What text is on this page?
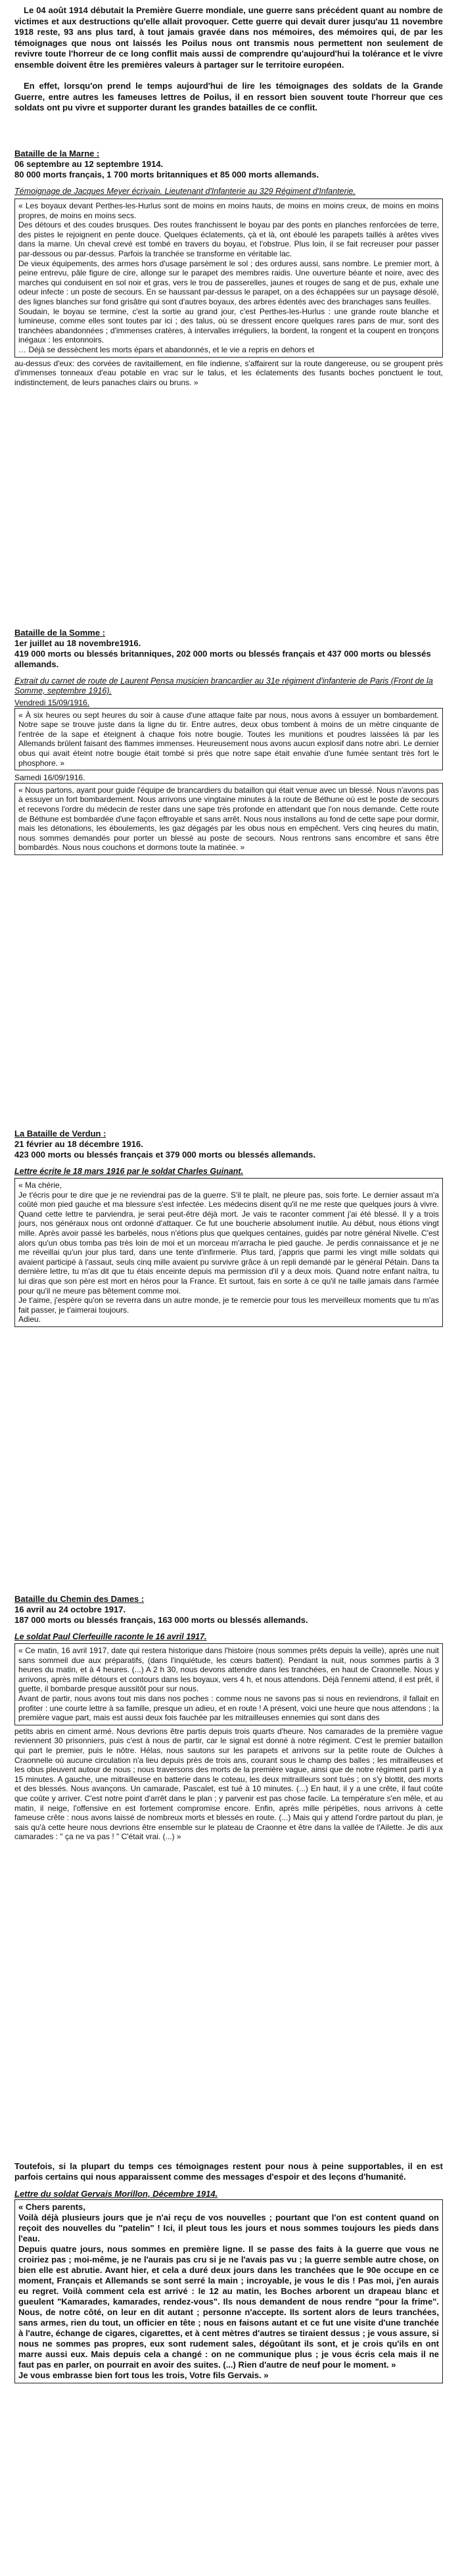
Le 04 août 1914 débutait la Première Guerre mondiale, une guerre sans précédent quant au nombre de victimes et aux destructions qu'elle allait provoquer. Cette guerre qui devait durer jusqu'au 11 novembre 1918 reste, 93 ans plus tard, à tout jamais gravée dans nos mémoires, des mémoires qui, de par les témoignages que nous ont laissés les Poilus nous ont transmis nous permettent non seulement de revivre toute l'horreur de ce long conflit mais aussi de comprendre qu'aujourd'hui la tolérance et le vivre ensemble doivent être les premières valeurs à partager sur le territoire européen.

En effet, lorsqu'on prend le temps aujourd'hui de lire les témoignages des soldats de la Grande Guerre, entre autres les fameuses lettres de Poilus, il en ressort bien souvent toute l'horreur que ces soldats ont pu vivre et supporter durant les grandes batailles de ce conflit.

Bataille de la Marne :

06 septembre au 12 septembre 1914.

80 000 morts français, 1 700 morts britanniques et 85 000 morts allemands.

Témoignage de Jacques Meyer écrivain. Lieutenant d'Infanterie au 329 Régiment d'Infanterie.

« Les boyaux devant Perthes-les-Hurlus sont de moins en moins hauts, de moins en moins creux, de moins en moins propres, de moins en moins secs.

Des détours et des coudes brusques. Des routes franchissent le boyau par des ponts en planches renforcées de terre, des pistes le rejoignent en pente douce. Quelques éclatements, çà et là, ont éboulé les parapets taillés à arêtes vives dans la marne. Un cheval crevé est tombé en travers du boyau, et l'obstrue. Plus loin, il se fait recreuser pour passer par-dessous ou par-dessus. Parfois la tranchée se transforme en véritable lac.

De vieux équipements, des armes hors d'usage parsèment le sol ; des ordures aussi, sans nombre. Le premier mort, à peine entrevu, pâle figure de cire, allonge sur le parapet des membres raidis. Une ouverture béante et noire, avec des marches qui conduisent en sol noir et gras, vers le trou de passerelles, jaunes et rouges de sang et de pus, exhale une odeur infecte : un poste de secours. En se haussant par-dessus le parapet, on a des échappées sur un paysage désolé, des lignes blanches sur fond grisâtre qui sont d'autres boyaux, des arbres édentés avec des branchages sans feuilles.

Soudain, le boyau se termine, c'est la sortie au grand jour, c'est Perthes-les-Hurlus : une grande route blanche et lumineuse, comme elles sont toutes par ici ; des talus, où se dressent encore quelques rares pans de mur, sont des tranchées abandonnées ; d'immenses cratères, à intervalles irréguliers, la bordent, la rongent et la coupent en tronçons inégaux : les entonnoirs.

… Déjà se dessèchent les morts épars et abandonnés, et le vie a repris en dehors et

au-dessus d'eux: des corvées de ravitaillement, en file indienne, s'affairent sur la route dangereuse, ou se groupent près d'immenses tonneaux d'eau potable en vrac sur le talus, et les éclatements des fusants boches ponctuent le tout, indistinctement, de leurs panaches clairs ou bruns. »

Bataille de la Somme :

1er juillet au 18 novembre1916.

419 000 morts ou blessés britanniques, 202 000 morts ou blessés français et 437 000 morts ou blessés allemands.

Extrait du carnet de route de Laurent Pensa musicien brancardier au 31e régiment d'infanterie de Paris (Front de la Somme, septembre 1916).

Vendredi 15/09/1916.

« À six heures ou sept heures du soir à cause d'une attaque faite par nous, nous avons à essuyer un bombardement. Notre sape se trouve juste dans la ligne du tir. Entre autres, deux obus tombent à moins de un mètre cinquante de l'entrée de la sape et éteignent à chaque fois notre bougie. Toutes les munitions et poudres laissées là par les Allemands brûlent faisant des flammes immenses. Heureusement nous avons aucun explosif dans notre abri. Le dernier obus qui avait éteint notre bougie était tombé si près que notre sape était envahie d'une fumée sentant très fort le phosphore. »

Samedi 16/09/1916.

« Nous partons, ayant pour guide l'équipe de brancardiers du bataillon qui était venue avec un blessé. Nous n'avons pas à essuyer un fort bombardement. Nous arrivons une vingtaine minutes à la route de Béthune où est le poste de secours et recevons l'ordre du médecin de rester dans une sape très profonde en attendant que l'on nous demande. Cette route de Béthune est bombardée d'une façon effroyable et sans arrêt. Nous nous installons au fond de cette sape pour dormir, mais les détonations, les éboulements, les gaz dégagés par les obus nous en empêchent. Vers cinq heures du matin, nous sommes demandés pour porter un blessé au poste de secours. Nous rentrons sans encombre et sans être bombardés. Nous nous couchons et dormons toute la matinée. »

La Bataille de Verdun :

21 février au 18 décembre 1916.

423 000 morts ou blessés français et 379 000 morts ou blessés allemands.

Lettre écrite le 18 mars 1916 par le soldat Charles Guinant.

« Ma chérie,

Je t'écris pour te dire que je ne reviendrai pas de la guerre. S'il te plaît, ne pleure pas, sois forte. Le dernier assaut m'a coûté mon pied gauche et ma blessure s'est infectée. Les médecins disent qu'il ne me reste que quelques jours à vivre. Quand cette lettre te parviendra, je serai peut-être déjà mort. Je vais te raconter comment j'ai été blessé. Il y a trois jours, nos généraux nous ont ordonné d'attaquer. Ce fut une boucherie absolument inutile. Au début, nous étions vingt mille. Après avoir passé les barbelés, nous n'étions plus que quelques centaines, guidés par notre général Nivelle. C'est alors qu'un obus tomba pas très loin de moi et un morceau m'arracha le pied gauche. Je perdis connaissance et je ne me réveillai qu'un jour plus tard, dans une tente d'infirmerie. Plus tard, j'appris que parmi les vingt mille soldats qui avaient participé à l'assaut, seuls cinq mille avaient pu survivre grâce à un repli demandé par le général Pétain. Dans ta dernière lettre, tu m'as dit que tu étais enceinte depuis ma permission d'il y a deux mois. Quand notre enfant naîtra, tu lui diras que son père est mort en héros pour la France. Et surtout, fais en sorte à ce qu'il ne taille jamais dans l'armée pour qu'il ne meure pas bêtement comme moi.

Je t'aime, j'espère qu'on se reverra dans un autre monde, je te remercie pour tous les merveilleux moments que tu m'as fait passer, je t'aimerai toujours.

Adieu.

Bataille du Chemin des Dames :

16 avril au 24 octobre 1917.

187 000 morts ou blessés français, 163 000 morts ou blessés allemands.

Le soldat Paul Clerfeuille raconte le 16 avril 1917.

« Ce matin, 16 avril 1917, date qui restera historique dans l'histoire (nous sommes prêts depuis la veille), après une nuit sans sommeil due aux préparatifs, (dans l'inquiétude, les cœurs battent). Pendant la nuit, nous sommes partis à 3 heures du matin, et à 4 heures. (...) A 2 h 30, nous devons attendre dans les tranchées, en haut de Craonnelle. Nous y arrivons, après mille détours et contours dans les boyaux, vers 4 h, et nous attendons. Déjà l'ennemi attend, il est prêt, il guette, il bombarde presque aussitôt pour sur nous.

Avant de partir, nous avons tout mis dans nos poches : comme nous ne savons pas si nous en reviendrons, il fallait en profiter : une courte lettre à sa famille, presque un adieu, et en route ! A présent, voici une heure que nous attendons ; la première vague part, mais est aussi deux fois fauchée par les mitrailleuses ennemies qui sont dans des

petits abris en ciment armé. Nous devrions être partis depuis trois quarts d'heure. Nos camarades de la première vague reviennent 30 prisonniers, puis c'est à nous de partir, car le signal est donné à notre régiment. C'est le premier bataillon qui part le premier, puis le nôtre. Hélas, nous sautons sur les parapets et arrivons sur la petite route de Oulches à Craonnelle où aucune circulation n'a lieu depuis près de trois ans, courant sous le champ des balles ; les mitrailleuses et les obus pleuvent autour de nous ; nous traversons des morts de la première vague, ainsi que de notre régiment parti il y a 15 minutes. A gauche, une mitrailleuse en batterie dans le coteau, les deux mitrailleurs sont tués ; on s'y blottit, des morts et des blessés. Nous avançons. Un camarade, Pascalet, est tué à 10 minutes. (...) En haut, il y a une crête, il faut coûte que coûte y arriver. C'est notre point d'arrêt dans le plan ; y parvenir est pas chose facile. La température s'en mêle, et au matin, il neige, l'offensive en est fortement compromise encore. Enfin, après mille péripéties, nous arrivons à cette fameuse crête : nous avons laissé de nombreux morts et blessés en route. (...) Mais qui y attend l'ordre partout du plan, je sais qu'à cette heure nous devrions être ensemble sur le plateau de Craonne et être dans la vallée de l'Ailette. Je dis aux camarades : " ça ne va pas ! " C'était vrai. (...) »

Toutefois, si la plupart du temps ces témoignages restent pour nous à peine supportables, il en est parfois certains qui nous apparaissent comme des messages d'espoir et des leçons d'humanité.

Lettre du soldat Gervais Morillon, Décembre 1914.

« Chers parents,

Voilà déjà plusieurs jours que je n'ai reçu de vos nouvelles ; pourtant que l'on est content quand on reçoit des nouvelles du "patelin" ! Ici, il pleut tous les jours et nous sommes toujours les pieds dans l'eau.

Depuis quatre jours, nous sommes en première ligne. Il se passe des faits à la guerre que vous ne croiriez pas ; moi-même, je ne l'aurais pas cru si je ne l'avais pas vu ; la guerre semble autre chose, on bien elle est abrutie. Avant hier, et cela a duré deux jours dans les tranchées que le 90e occupe en ce moment, Français et Allemands se sont serré la main ; incroyable, je vous le dis ! Pas moi, j'en aurais eu regret. Voilà comment cela est arrivé : le 12 au matin, les Boches arborent un drapeau blanc et gueulent "Kamarades, kamarades, rendez-vous". Ils nous demandent de nous rendre "pour la frime". Nous, de notre côté, on leur en dit autant ; personne n'accepte. Ils sortent alors de leurs tranchées, sans armes, rien du tout, un officier en tête ; nous en faisons autant et ce fut une visite d'une tranchée à l'autre, échange de cigares, cigarettes, et à cent mètres d'autres se tiraient dessus ; je vous assure, si nous ne sommes pas propres, eux sont rudement sales, dégoûtant ils sont, et je crois qu'ils en ont marre aussi eux. Mais depuis cela a changé : on ne communique plus ; je vous écris cela mais il ne faut pas en parler, on pourrait en avoir des suites. (...) Rien d'autre de neuf pour le moment. »

Je vous embrasse bien fort tous les trois, Votre fils Gervais. »
